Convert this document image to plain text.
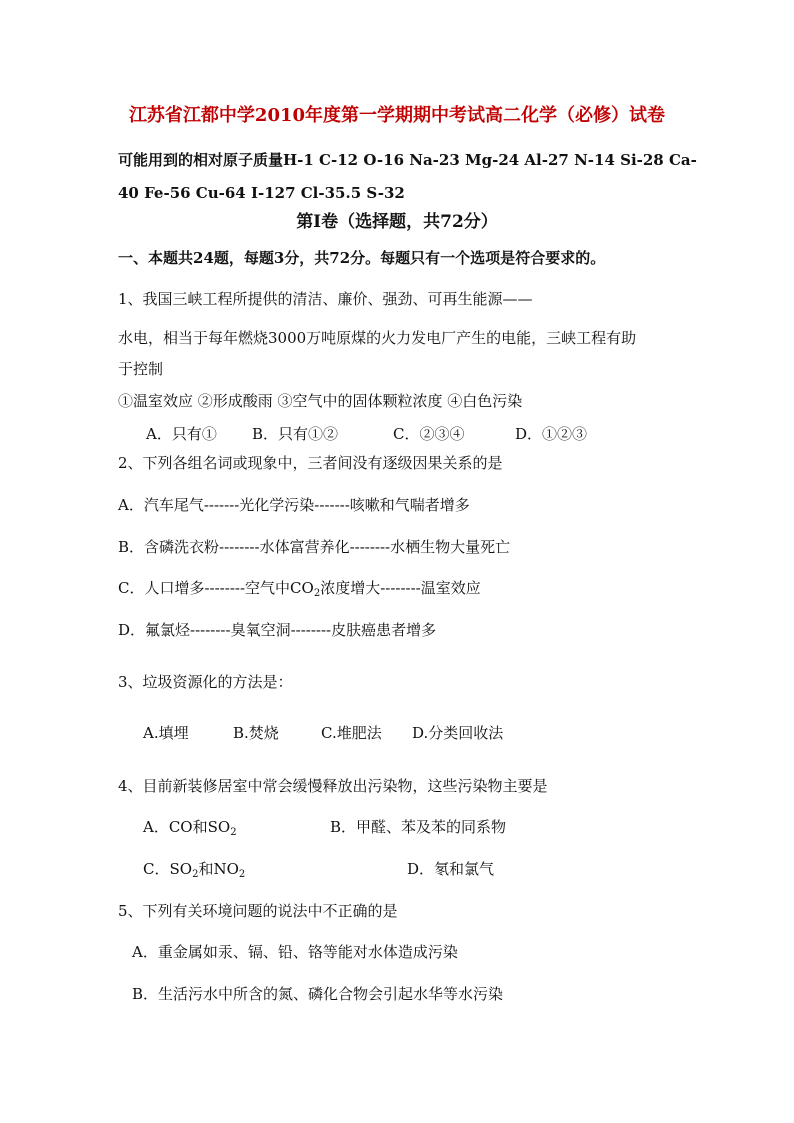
江苏省江都中学2010年度第一学期期中考试高二化学（必修）试卷
可能用到的相对原子质量H-1 C-12 O-16 Na-23 Mg-24 Al-27 N-14 Si-28 Ca-
40 Fe-56 Cu-64 I-127 Cl-35.5 S-32
第Ⅰ卷（选择题，共72分）
一、本题共24题，每题3分，共72分。每题只有一个选项是符合要求的。
1、我国三峡工程所提供的清洁、廉价、强劲、可再生能源——
水电，相当于每年燃烧3000万吨原煤的火力发电厂产生的电能，三峡工程有助
于控制
①温室效应 ②形成酸雨 ③空气中的固体颗粒浓度 ④白色污染
A．只有① B．只有①②	C．②③④	D．①②③
2、下列各组名词或现象中，三者间没有逐级因果关系的是
A．汽车尾气-------光化学污染-------咳嗽和气喘者增多
B．含磷洗衣粉--------水体富营养化--------水栖生物大量死亡
C．人口增多--------空气中$CO_2$浓度增大--------温室效应
D．氟氯烃--------臭氧空洞--------皮肤癌患者增多
3、垃圾资源化的方法是：
A.填埋	B.焚烧	C.堆肥法 D.分类回收法
4、目前新装修居室中常会缓慢释放出污染物，这些污染物主要是
A．CO和$SO_2$	B．甲醛、苯及苯的同系物
C．$SO_2$和$NO_2$	D．氡和氯气
5、下列有关环境问题的说法中不正确的是
A．重金属如汞、镉、铅、铬等能对水体造成污染
B．生活污水中所含的氮、磷化合物会引起水华等水污染
